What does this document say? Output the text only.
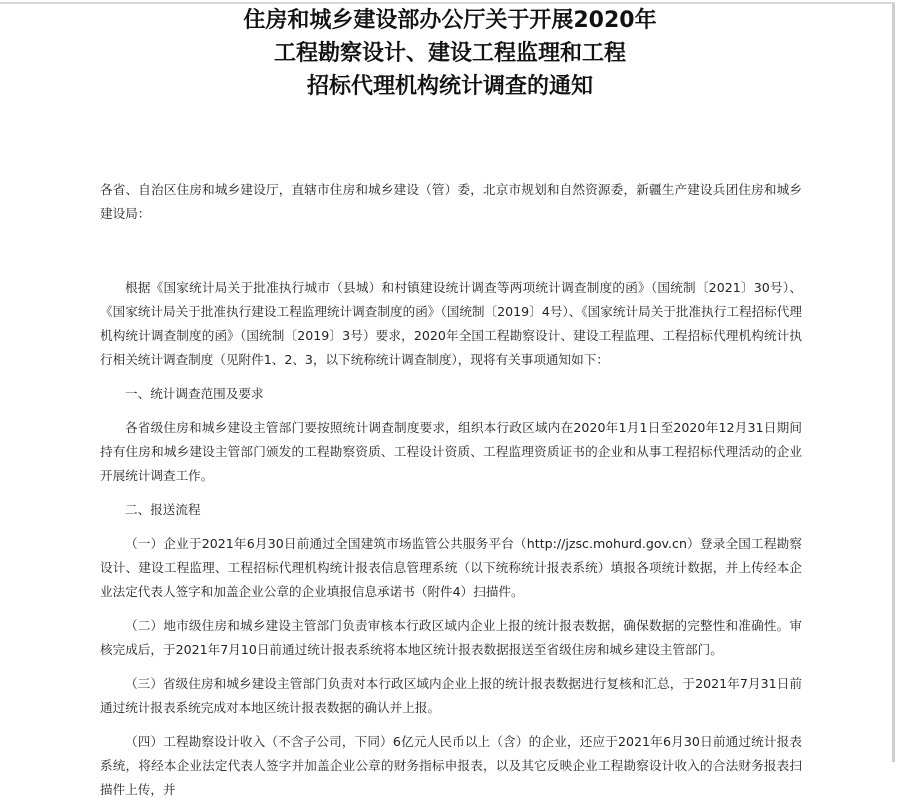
住房和城乡建设部办公厅关于开展2020年
工程勘察设计、建设工程监理和工程
招标代理机构统计调查的通知

各省、自治区住房和城乡建设厅，直辖市住房和城乡建设（管）委，北京市规划和自然资源委，新疆生产建设兵团住房和城乡建设局：

根据《国家统计局关于批准执行城市（县城）和村镇建设统计调查等两项统计调查制度的函》（国统制〔2021〕30号）、《国家统计局关于批准执行建设工程监理统计调查制度的函》（国统制〔2019〕4号）、《国家统计局关于批准执行工程招标代理机构统计调查制度的函》（国统制〔2019〕3号）要求，2020年全国工程勘察设计、建设工程监理、工程招标代理机构统计执行相关统计调查制度（见附件1、2、3，以下统称统计调查制度），现将有关事项通知如下：

一、统计调查范围及要求

各省级住房和城乡建设主管部门要按照统计调查制度要求，组织本行政区域内在2020年1月1日至2020年12月31日期间持有住房和城乡建设主管部门颁发的工程勘察资质、工程设计资质、工程监理资质证书的企业和从事工程招标代理活动的企业开展统计调查工作。

二、报送流程

（一）企业于2021年6月30日前通过全国建筑市场监管公共服务平台（http://jzsc.mohurd.gov.cn）登录全国工程勘察设计、建设工程监理、工程招标代理机构统计报表信息管理系统（以下统称统计报表系统）填报各项统计数据，并上传经本企业法定代表人签字和加盖企业公章的企业填报信息承诺书（附件4）扫描件。

（二）地市级住房和城乡建设主管部门负责审核本行政区域内企业上报的统计报表数据，确保数据的完整性和准确性。审核完成后，于2021年7月10日前通过统计报表系统将本地区统计报表数据报送至省级住房和城乡建设主管部门。

（三）省级住房和城乡建设主管部门负责对本行政区域内企业上报的统计报表数据进行复核和汇总，于2021年7月31日前通过统计报表系统完成对本地区统计报表数据的确认并上报。

（四）工程勘察设计收入（不含子公司，下同）6亿元人民币以上（含）的企业，还应于2021年6月30日前通过统计报表系统，将经本企业法定代表人签字并加盖企业公章的财务指标申报表，以及其它反映企业工程勘察设计收入的合法财务报表扫描件上传，并
